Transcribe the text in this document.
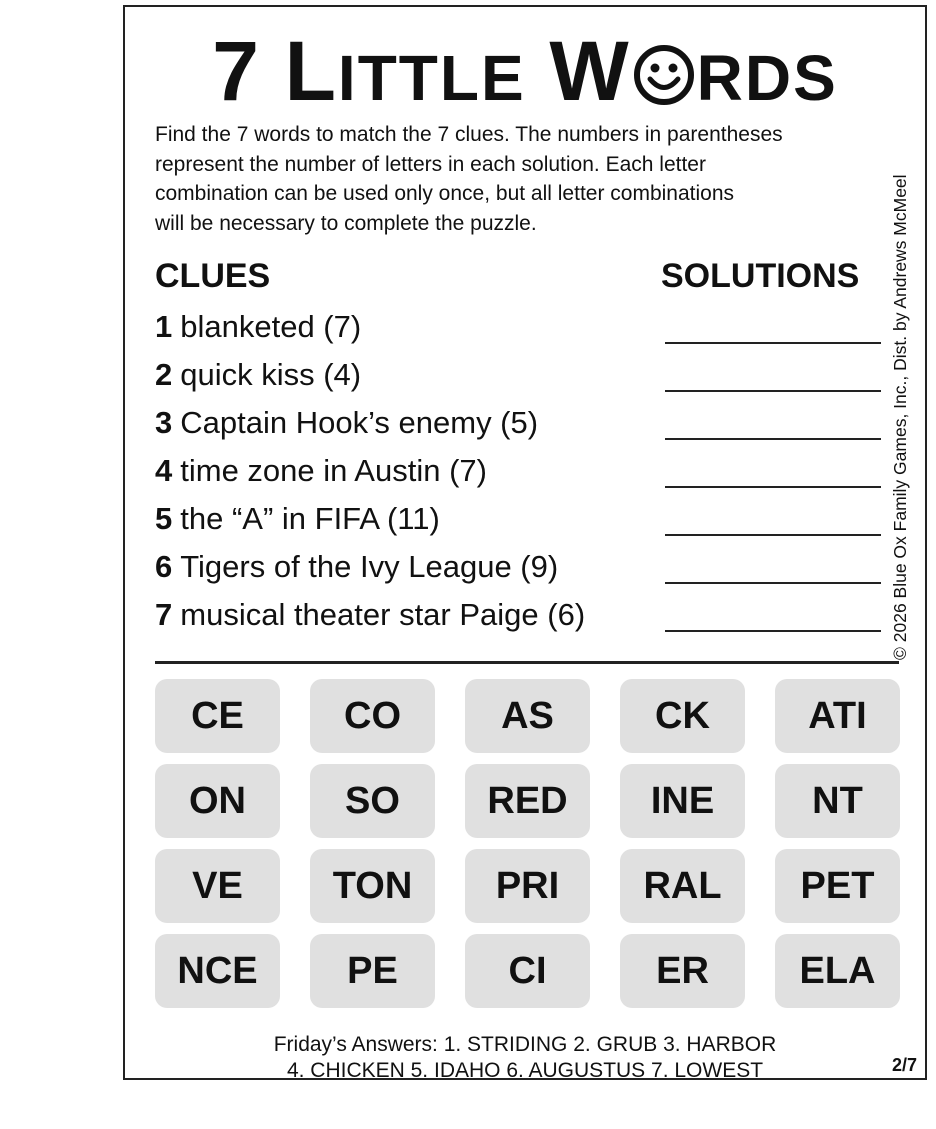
7 LITTLE W RDS
Find the 7 words to match the 7 clues. The numbers in parentheses
represent the number of letters in each solution. Each letter
combination can be used only once, but all letter combinations
will be necessary to complete the puzzle.
CLUES	SOLUTIONS
1 blanketed (7)
2 quick kiss (4)
3 Captain Hook’s enemy (5)
4 time zone in Austin (7)
5 the “A” in FIFA (11)
6 Tigers of the Ivy League (9)
7 musical theater star Paige (6)
CE	CO	AS	CK	ATI
ON	SO	RED	INE	NT
VE	TON	PRI	RAL	PET
NCE	PE	CI	ER	ELA
Friday’s Answers: 1. STRIDING 2. GRUB 3. HARBOR
4. CHICKEN 5. IDAHO 6. AUGUSTUS 7. LOWEST	2/7
© 2026 Blue Ox Family Games, Inc., Dist. by Andrews McMeel
